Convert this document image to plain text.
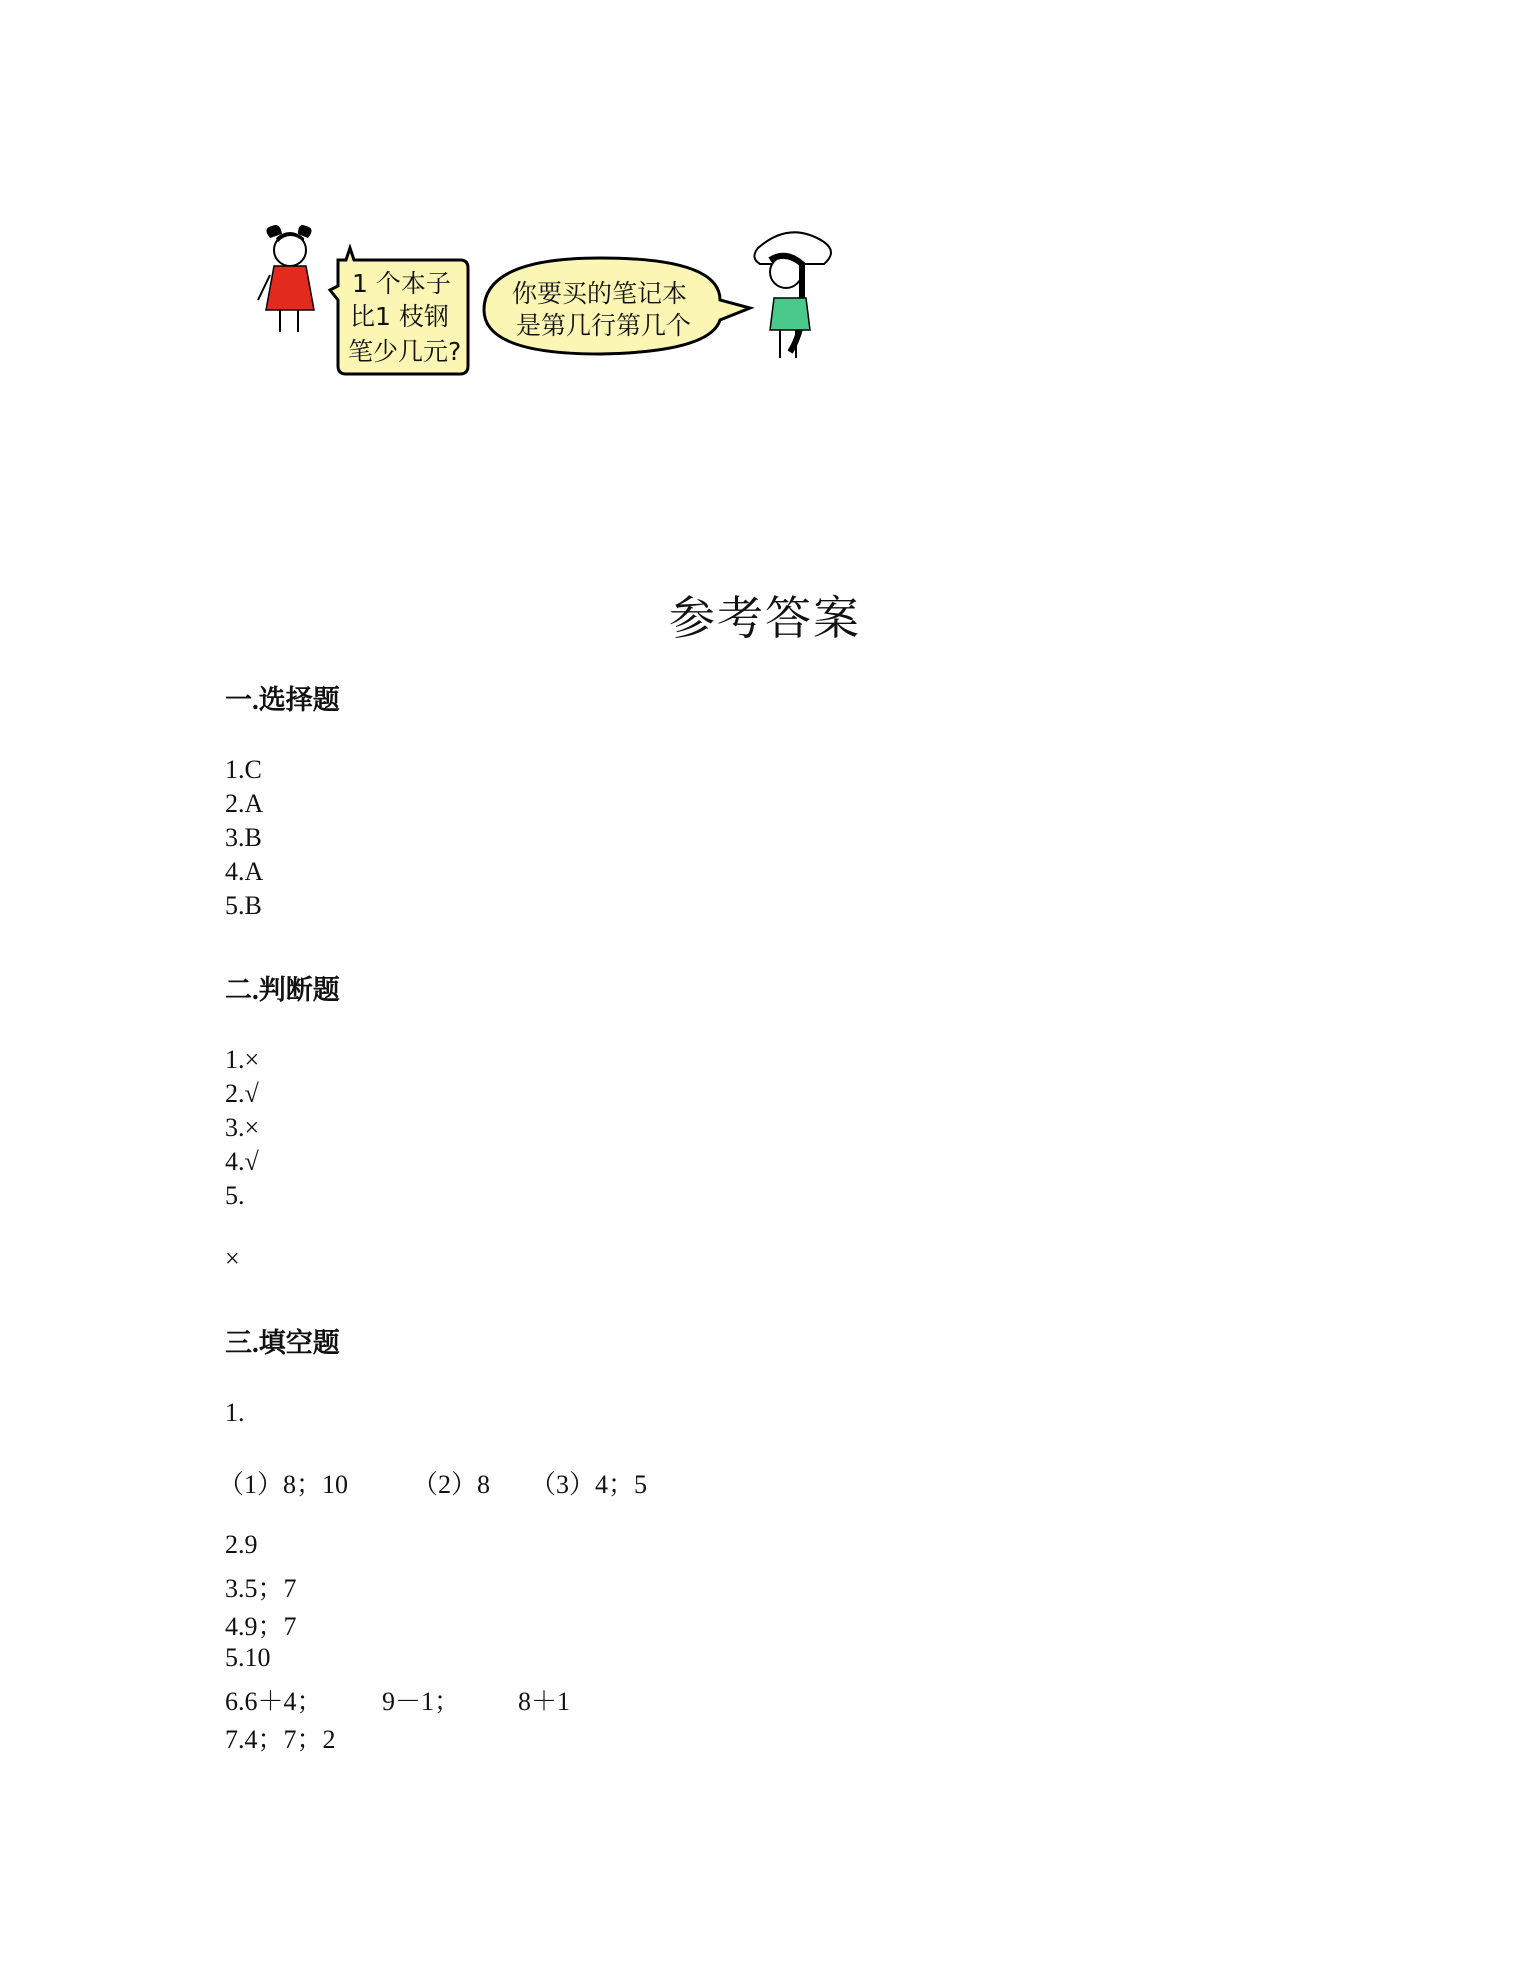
1 个本子
比1 枝钢
笔少几元?
你要买的笔记本
是第几行第几个
参考答案
一.选择题
1.C
2.A
3.B
4.A
5.B
二.判断题
1.×
2.√
3.×
4.√
5.
×
三.填空题
1.
（1）8；10 （2）8 （3）4；5
2.9
3.5；7
4.9；7
5.10
6.6＋4； 9－1； 8＋1
7.4；7；2
